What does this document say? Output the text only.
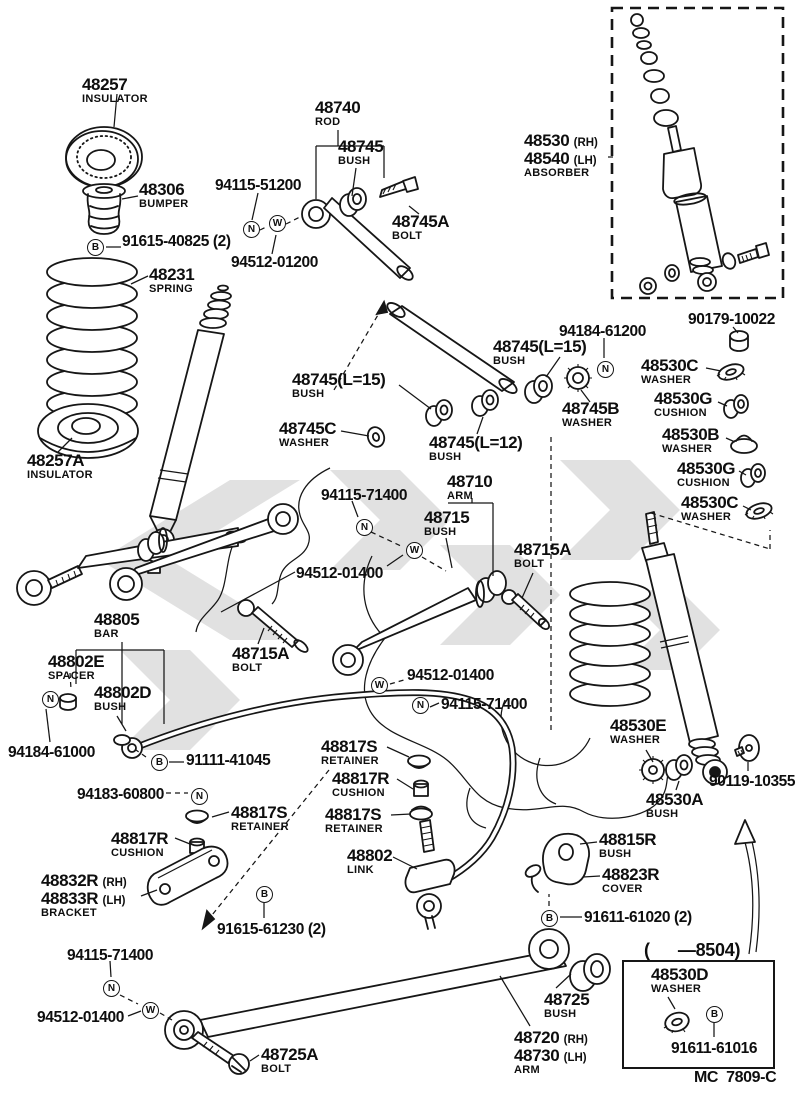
48257
INSULATOR	48740
ROD
48745
BUSH
94115-51200
48306
BUMPER
91615-40825 (2)
94512-01200
48745A
BOLT
48231
SPRING
48530 (RH)
48540 (LH)
ABSORBER
90179-10022
94184-61200
48745(L=15)
BUSH	48530C
WASHER
48530G
CUSHION
48745B
WASHER
48530B
WASHER
48745(L=12)
BUSH
48530G
CUSHION
48530C
WASHER
48745(L=15)
BUSH
48745C
WASHER
48257A
INSULATOR	48710
ARM
48715
BUSH
48715A
BOLT
94115-71400
94512-01400
94512-01400
94115-71400
48805
BAR
48802E
SPACER
48802D
BUSH
48715A
BOLT
94184-61000	91111-41045
94183-60800
48817S
RETAINER
48817R
CUSHION
48817S
RETAINER
48817R
CUSHION
48817S
RETAINER
48802
LINK
48832R (RH)
48833R (LH)
BRACKET
91615-61230 (2)
48530E
WASHER
48530A
BUSH
90119-10355
48815R
BUSH
48823R
COVER
91611-61020 (2)
48725
BUSH
48720 (RH)
48730 (LH)
ARM
94115-71400
94512-01400
48725A
BOLT
(      —8504)
48530D
WASHER
91611-61016
MC  7809-C
B
N
W
N
N
W
W
N
N
B
N
B
B
N
W	B
